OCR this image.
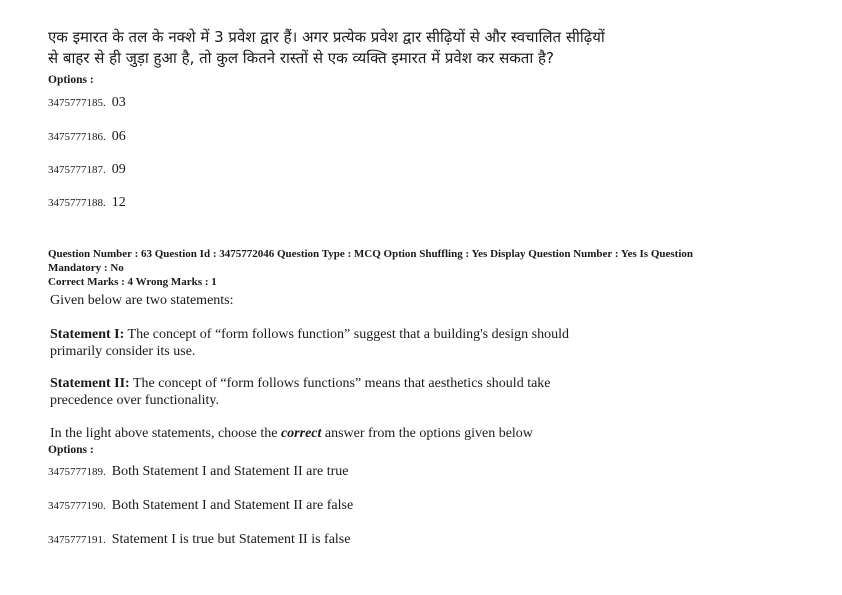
एक इमारत के तल के नक्शे में 3 प्रवेश द्वार हैं। अगर प्रत्येक प्रवेश द्वार सीढ़ियों से और स्वचालित सीढ़ियों
से बाहर से ही जुड़ा हुआ है, तो कुल कितने रास्तों से एक व्यक्ति इमारत में प्रवेश कर सकता है?
Options :
3475777185. 03
3475777186. 06
3475777187. 09
3475777188. 12
Question Number : 63 Question Id : 3475772046 Question Type : MCQ Option Shuffling : Yes Display Question Number : Yes Is Question
Mandatory : No
Correct Marks : 4 Wrong Marks : 1
Given below are two statements:
Statement I: The concept of “form follows function” suggest that a building's design should
primarily consider its use.
Statement II: The concept of “form follows functions” means that aesthetics should take
precedence over functionality.
In the light above statements, choose the correct answer from the options given below
Options :
3475777189. Both Statement I and Statement II are true
3475777190. Both Statement I and Statement II are false
3475777191. Statement I is true but Statement II is false
